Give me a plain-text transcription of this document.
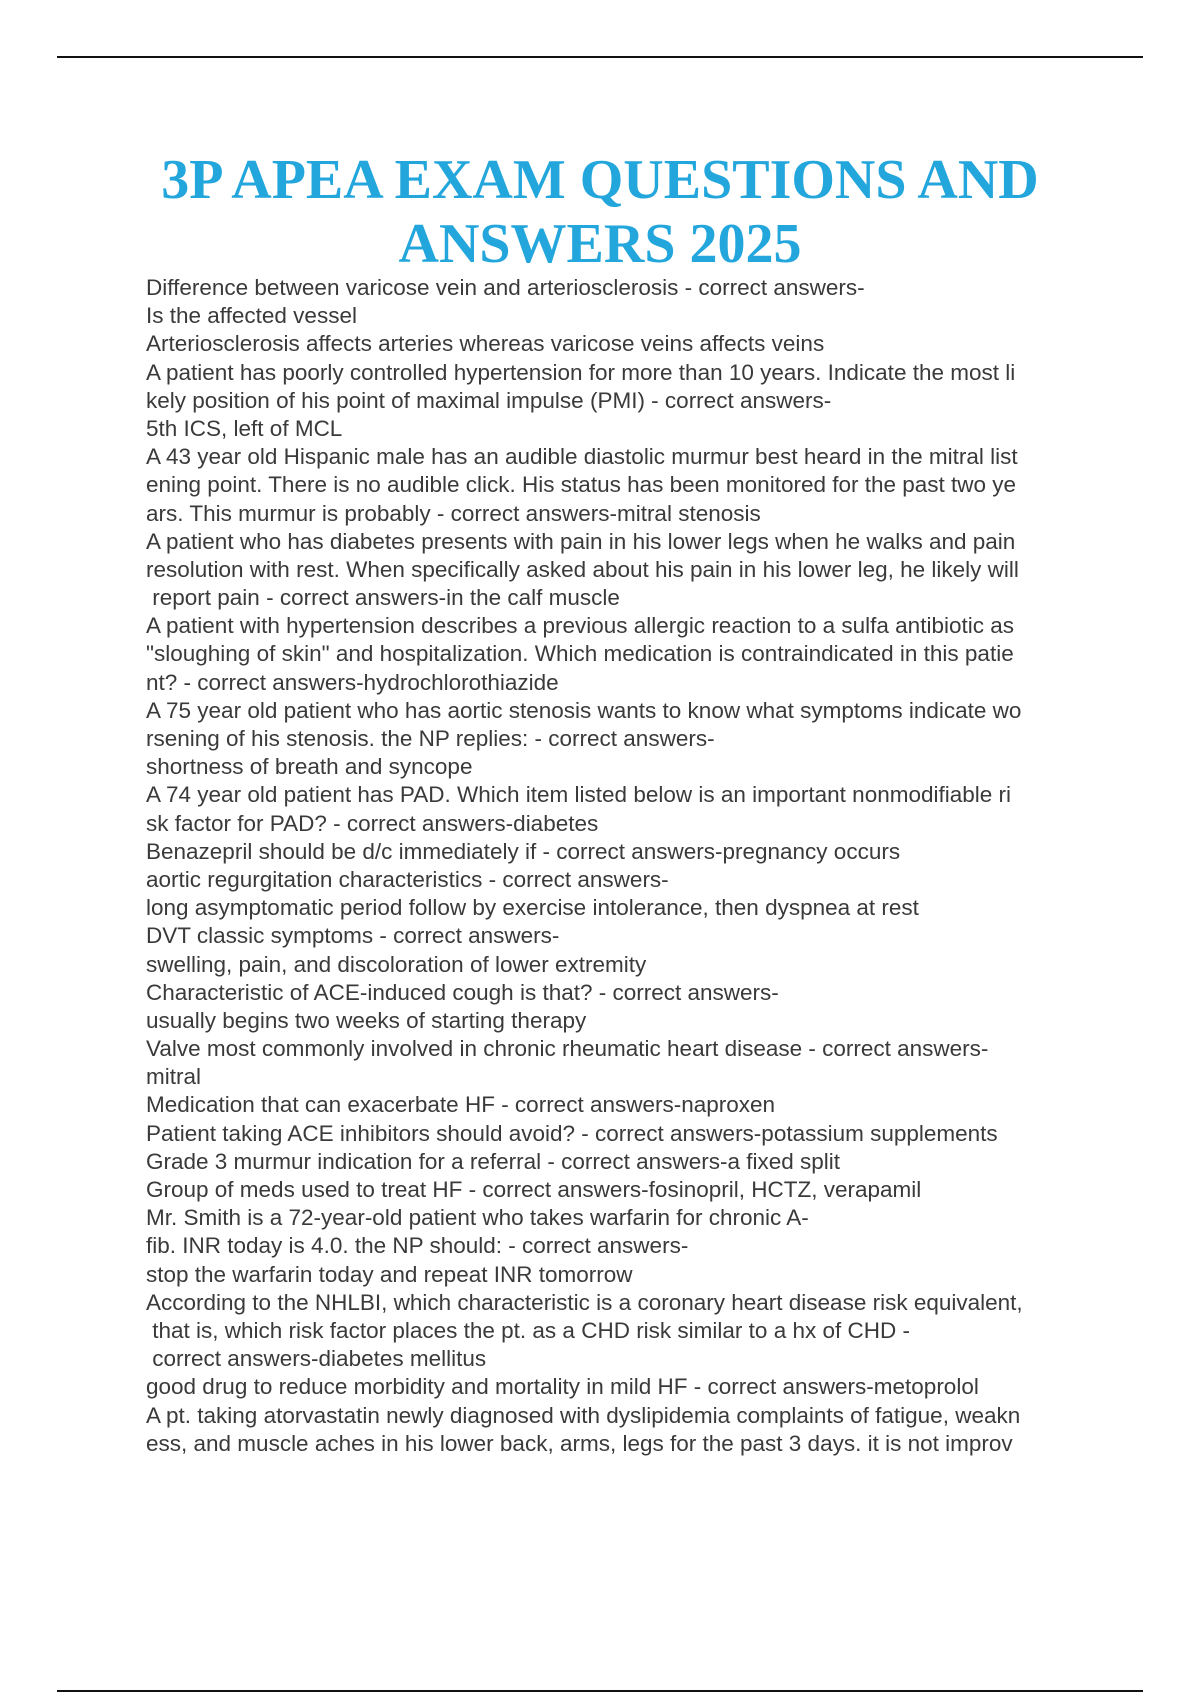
3P APEA EXAM QUESTIONS AND
ANSWERS 2025
Difference between varicose vein and arteriosclerosis - correct answers-
Is the affected vessel
Arteriosclerosis affects arteries whereas varicose veins affects veins
A patient has poorly controlled hypertension for more than 10 years. Indicate the most li
kely position of his point of maximal impulse (PMI) - correct answers-
5th ICS, left of MCL
A 43 year old Hispanic male has an audible diastolic murmur best heard in the mitral list
ening point. There is no audible click. His status has been monitored for the past two ye
ars. This murmur is probably - correct answers-mitral stenosis
A patient who has diabetes presents with pain in his lower legs when he walks and pain
resolution with rest. When specifically asked about his pain in his lower leg, he likely will
report pain - correct answers-in the calf muscle
A patient with hypertension describes a previous allergic reaction to a sulfa antibiotic as
"sloughing of skin" and hospitalization. Which medication is contraindicated in this patie
nt? - correct answers-hydrochlorothiazide
A 75 year old patient who has aortic stenosis wants to know what symptoms indicate wo
rsening of his stenosis. the NP replies: - correct answers-
shortness of breath and syncope
A 74 year old patient has PAD. Which item listed below is an important nonmodifiable ri
sk factor for PAD? - correct answers-diabetes
Benazepril should be d/c immediately if - correct answers-pregnancy occurs
aortic regurgitation characteristics - correct answers-
long asymptomatic period follow by exercise intolerance, then dyspnea at rest
DVT classic symptoms - correct answers-
swelling, pain, and discoloration of lower extremity
Characteristic of ACE-induced cough is that? - correct answers-
usually begins two weeks of starting therapy
Valve most commonly involved in chronic rheumatic heart disease - correct answers-
mitral
Medication that can exacerbate HF - correct answers-naproxen
Patient taking ACE inhibitors should avoid? - correct answers-potassium supplements
Grade 3 murmur indication for a referral - correct answers-a fixed split
Group of meds used to treat HF - correct answers-fosinopril, HCTZ, verapamil
Mr. Smith is a 72-year-old patient who takes warfarin for chronic A-
fib. INR today is 4.0. the NP should: - correct answers-
stop the warfarin today and repeat INR tomorrow
According to the NHLBI, which characteristic is a coronary heart disease risk equivalent,
that is, which risk factor places the pt. as a CHD risk similar to a hx of CHD -
correct answers-diabetes mellitus
good drug to reduce morbidity and mortality in mild HF - correct answers-metoprolol
A pt. taking atorvastatin newly diagnosed with dyslipidemia complaints of fatigue, weakn
ess, and muscle aches in his lower back, arms, legs for the past 3 days. it is not improv
